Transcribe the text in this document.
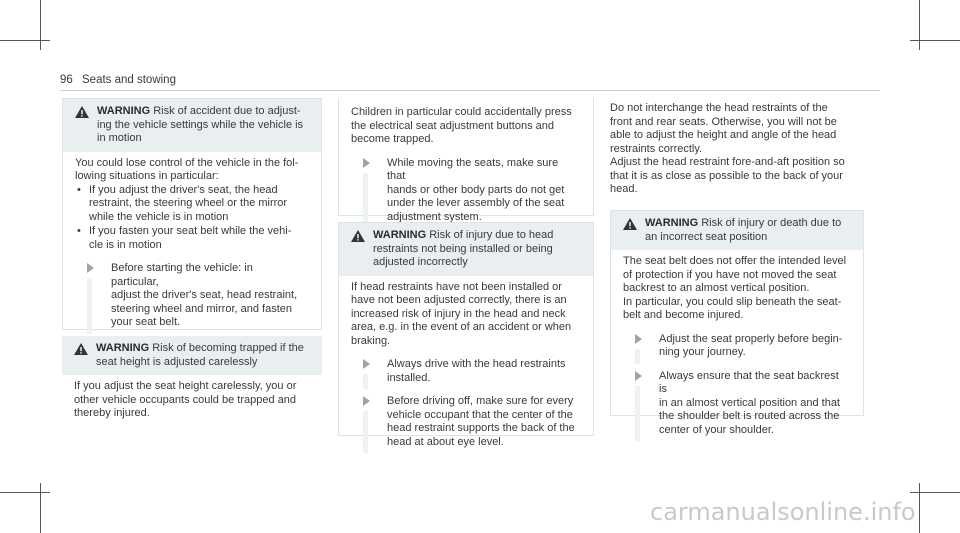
96 Seats and stowing
WARNING Risk of accident due to adjust-
ing the vehicle settings while the vehicle is
in motion
You could lose control of the vehicle in the fol-
lowing situations in particular:
• If you adjust the driver's seat, the head
restraint, the steering wheel or the mirror
while the vehicle is in motion
• If you fasten your seat belt while the vehi-
cle is in motion
Before starting the vehicle: in particular,
adjust the driver's seat, head restraint,
steering wheel and mirror, and fasten
your seat belt.
WARNING Risk of becoming trapped if the
seat height is adjusted carelessly
If you adjust the seat height carelessly, you or
other vehicle occupants could be trapped and
thereby injured.
Children in particular could accidentally press
the electrical seat adjustment buttons and
become trapped.
While moving the seats, make sure that
hands or other body parts do not get
under the lever assembly of the seat
adjustment system.
WARNING Risk of injury due to head
restraints not being installed or being
adjusted incorrectly
If head restraints have not been installed or
have not been adjusted correctly, there is an
increased risk of injury in the head and neck
area, e.g. in the event of an accident or when
braking.
Always drive with the head restraints
installed.
Before driving off, make sure for every
vehicle occupant that the center of the
head restraint supports the back of the
head at about eye level.
Do not interchange the head restraints of the
front and rear seats. Otherwise, you will not be
able to adjust the height and angle of the head
restraints correctly.
Adjust the head restraint fore-and-aft position so
that it is as close as possible to the back of your
head.
WARNING Risk of injury or death due to
an incorrect seat position
The seat belt does not offer the intended level
of protection if you have not moved the seat
backrest to an almost vertical position.
In particular, you could slip beneath the seat-
belt and become injured.
Adjust the seat properly before begin-
ning your journey.
Always ensure that the seat backrest is
in an almost vertical position and that
the shoulder belt is routed across the
center of your shoulder.
carmanualsonline.info
